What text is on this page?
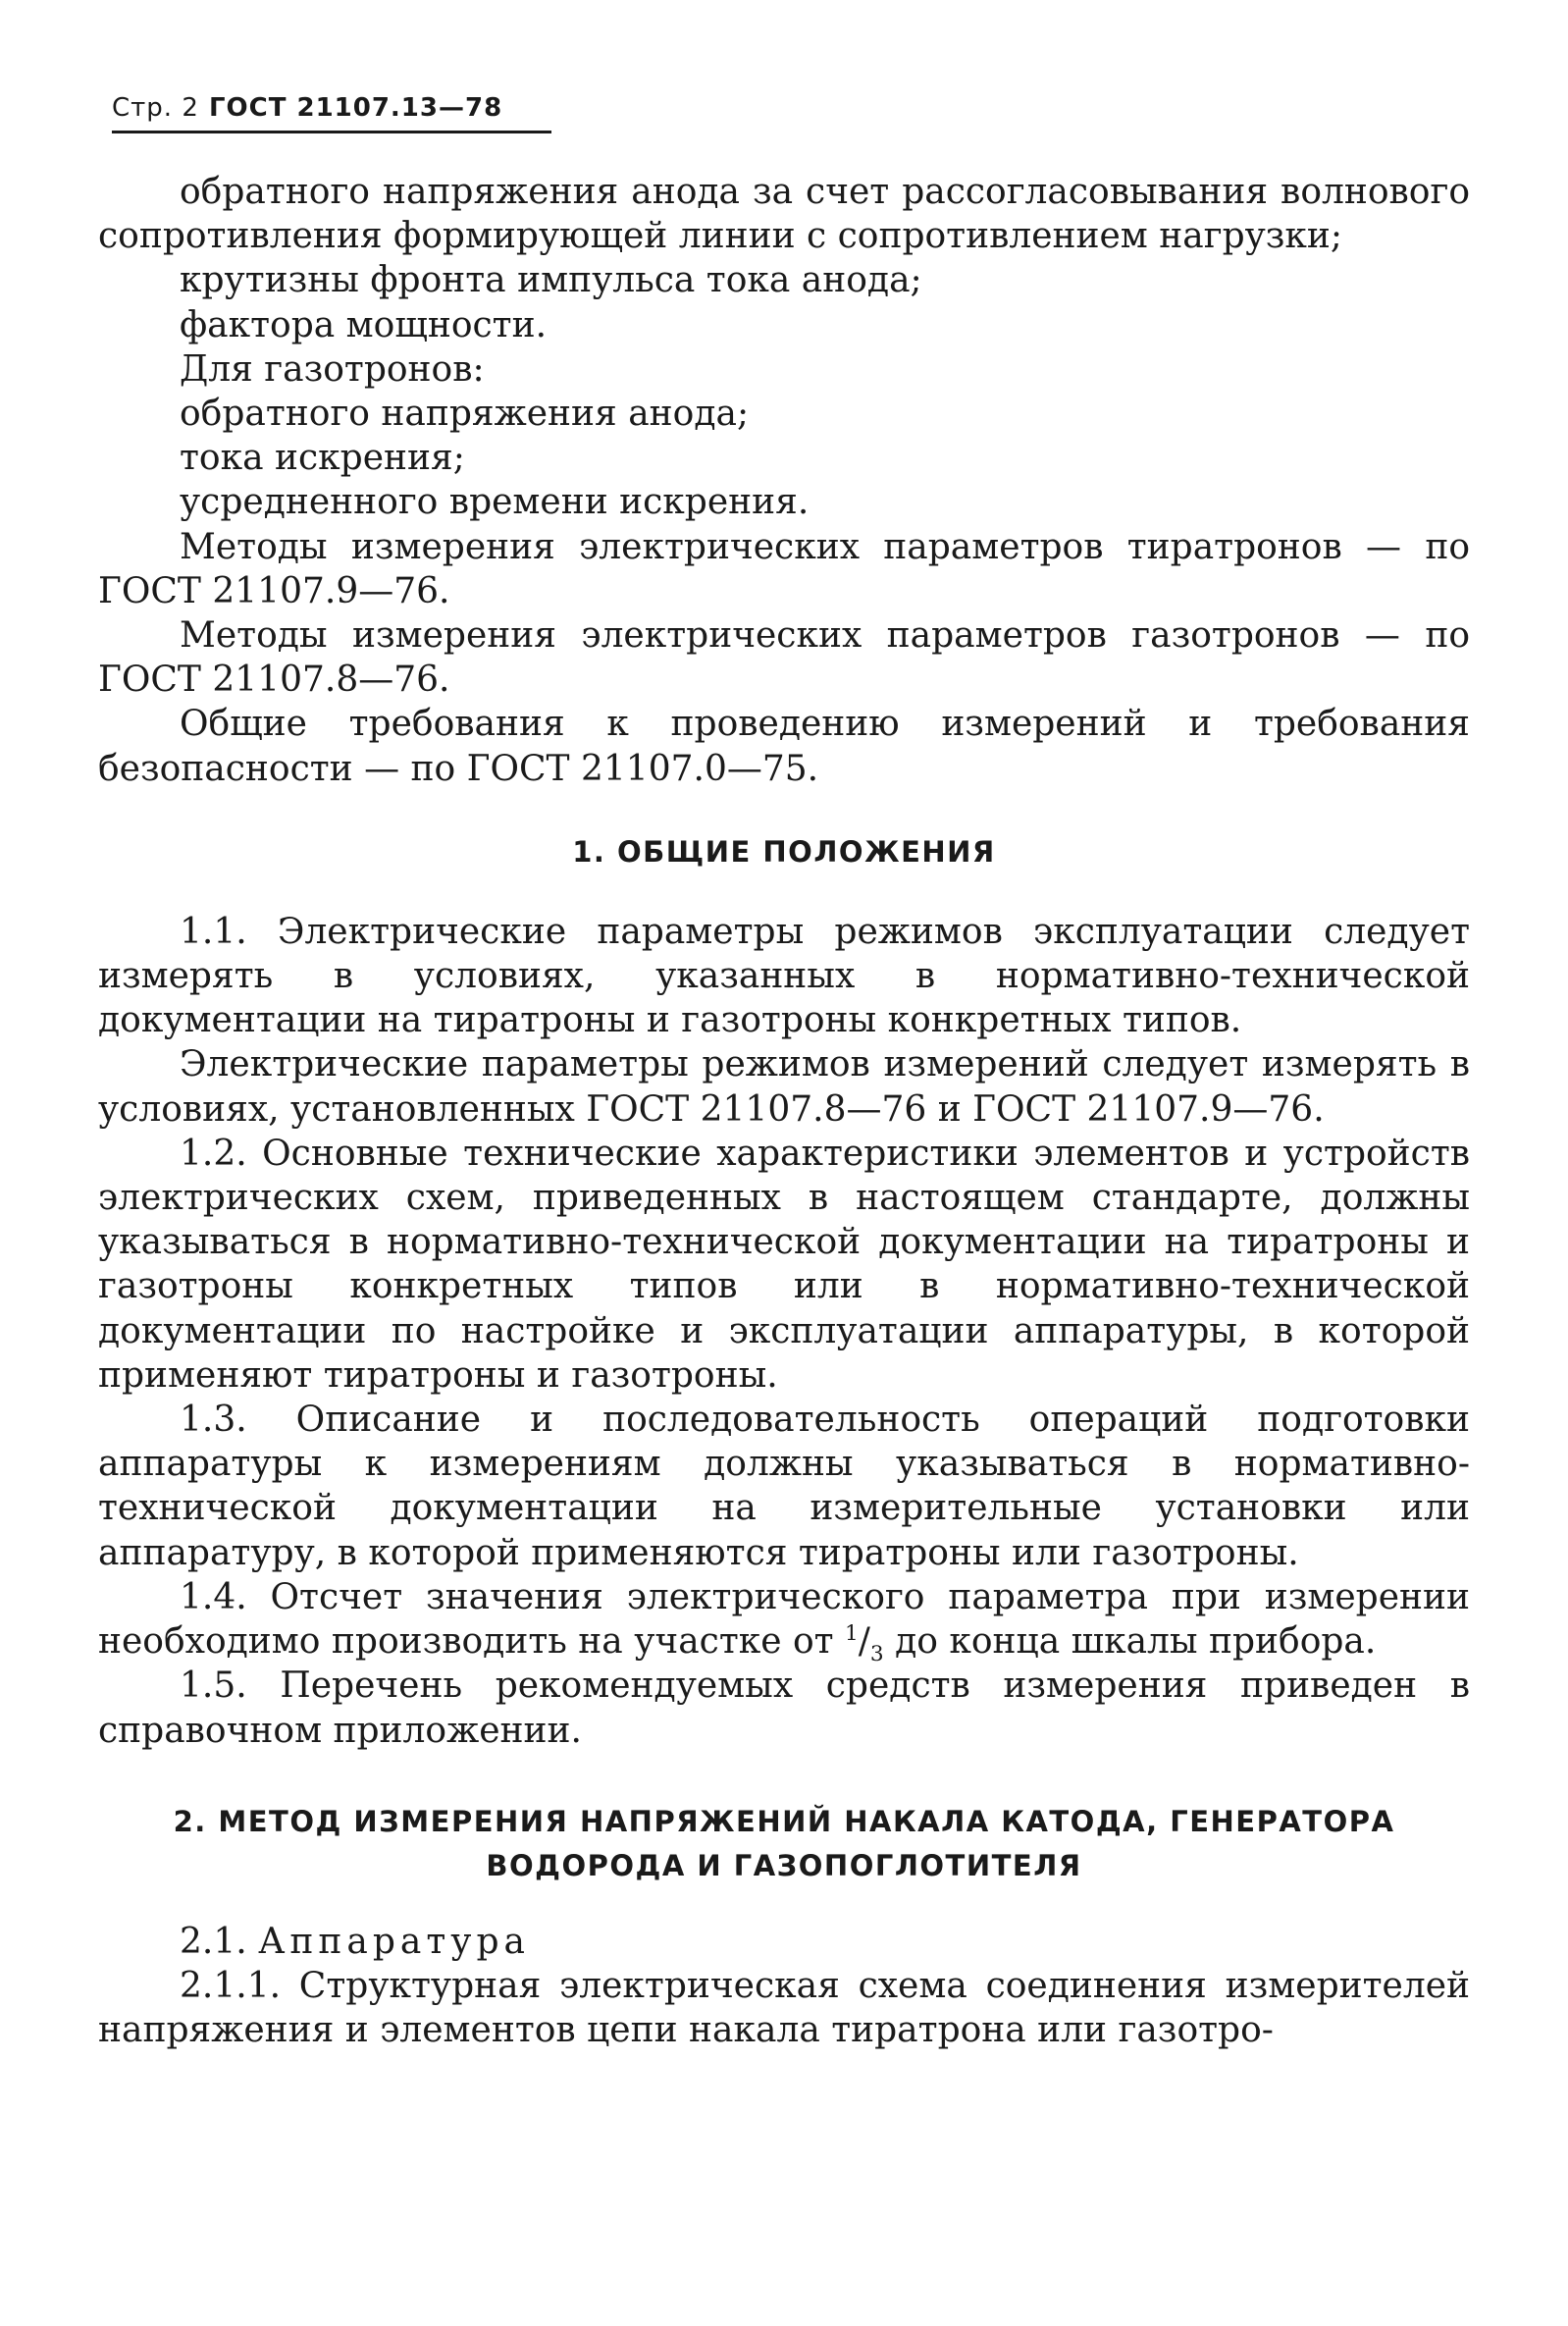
Стр. 2 ГОСТ 21107.13—78

обратного напряжения анода за счет рассогласовывания волнового сопротивления формирующей линии с сопротивлением нагрузки;

крутизны фронта импульса тока анода;

фактора мощности.

Для газотронов:

обратного напряжения анода;

тока искрения;

усредненного времени искрения.

Методы измерения электрических параметров тиратронов — по ГОСТ 21107.9—76.

Методы измерения электрических параметров газотронов — по ГОСТ 21107.8—76.

Общие требования к проведению измерений и требования безопасности — по ГОСТ 21107.0—75.

1. ОБЩИЕ ПОЛОЖЕНИЯ

1.1. Электрические параметры режимов эксплуатации следует измерять в условиях, указанных в нормативно-технической документации на тиратроны и газотроны конкретных типов.

Электрические параметры режимов измерений следует измерять в условиях, установленных ГОСТ 21107.8—76 и ГОСТ 21107.9—76.

1.2. Основные технические характеристики элементов и устройств электрических схем, приведенных в настоящем стандарте, должны указываться в нормативно-технической документации на тиратроны и газотроны конкретных типов или в нормативно-технической документации по настройке и эксплуатации аппаратуры, в которой применяют тиратроны и газотроны.

1.3. Описание и последовательность операций подготовки аппаратуры к измерениям должны указываться в нормативно-технической документации на измерительные установки или аппаратуру, в которой применяются тиратроны или газотроны.

1.4. Отсчет значения электрического параметра при измерении необходимо производить на участке от $^1/_3$ до конца шкалы прибора.

1.5. Перечень рекомендуемых средств измерения приведен в справочном приложении.

2. МЕТОД ИЗМЕРЕНИЯ НАПРЯЖЕНИЙ НАКАЛА КАТОДА, ГЕНЕРАТОРА
ВОДОРОДА И ГАЗОПОГЛОТИТЕЛЯ

2.1. Аппаратура

2.1.1. Структурная электрическая схема соединения измерителей напряжения и элементов цепи накала тиратрона или газотро-
